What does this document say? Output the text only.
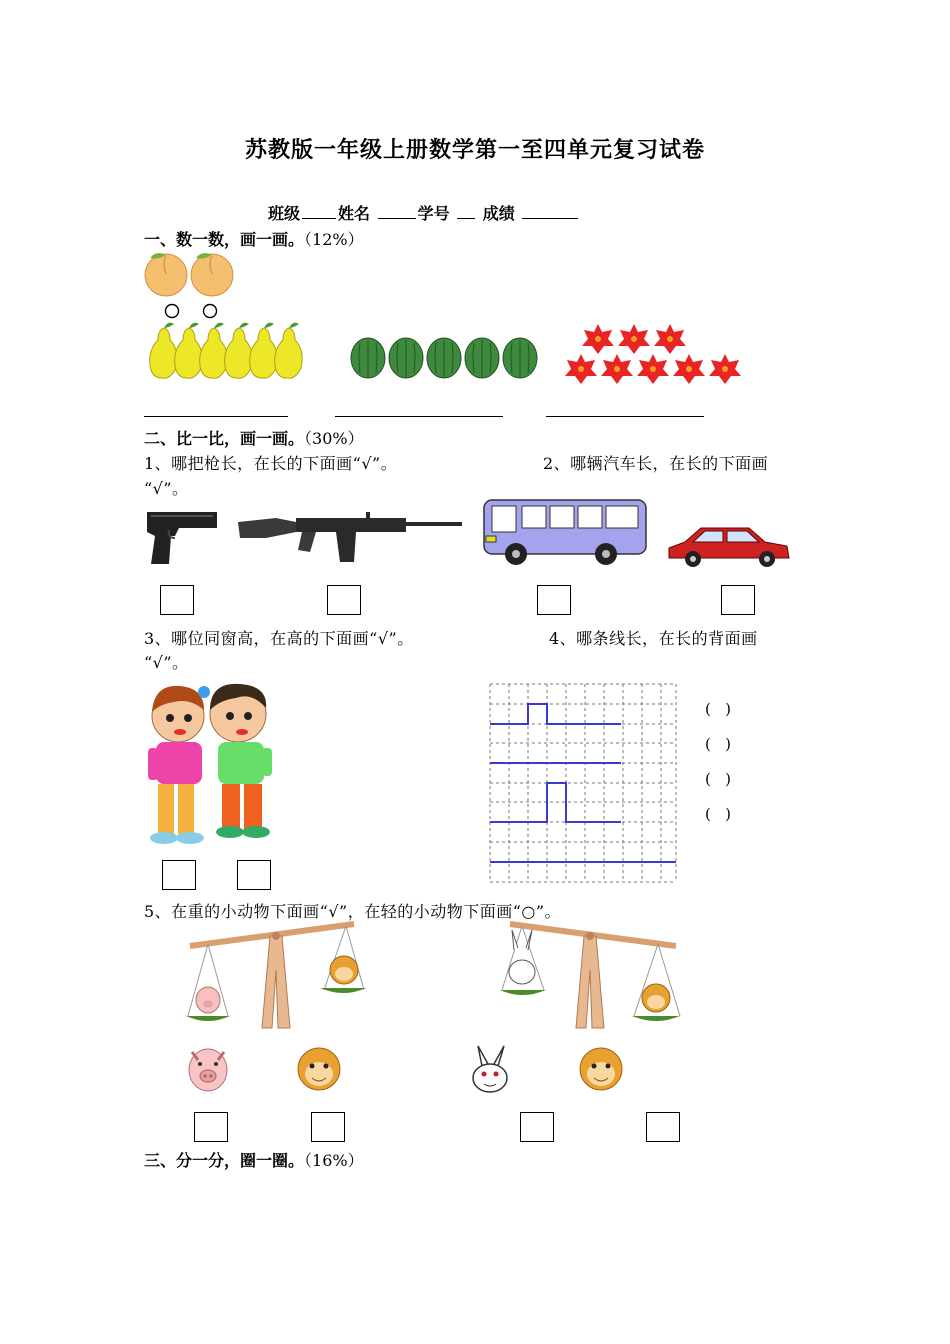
苏教版一年级上册数学第一至四单元复习试卷
班级 姓名	学号 成绩
一、数一数，画一画。（12%）
二、比一比，画一画。（30%）
1、哪把枪长，在长的下面画“√”。	2、哪辆汽车长，在长的下面画
“√”。
3、哪位同窗高，在高的下面画“√”。	4、哪条线长，在长的背面画
“√”。
(   )
(   )
(   )
(   )
5、在重的小动物下面画“√”，在轻的小动物下面画“○”。
三、分一分，圈一圈。（16%）
